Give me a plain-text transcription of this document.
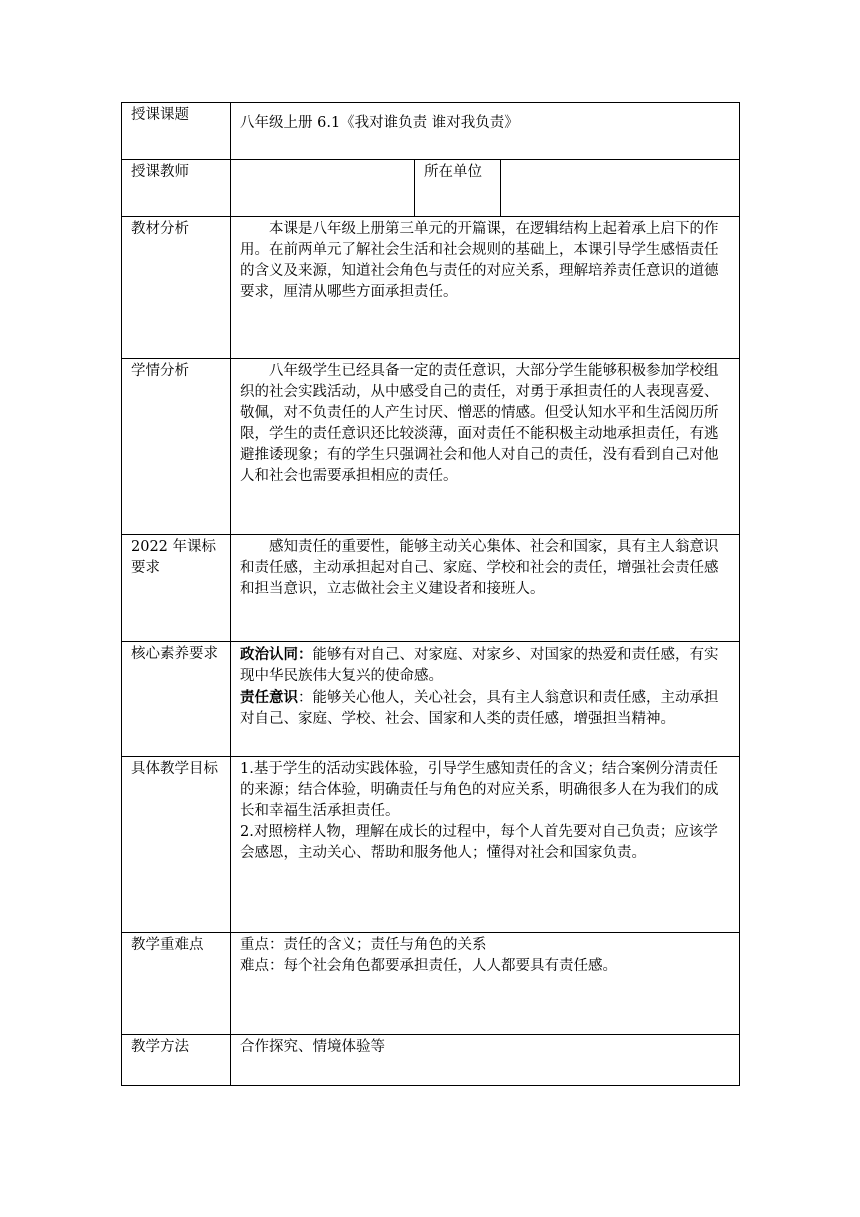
授课课题	八年级上册 6.1《我对谁负责 谁对我负责》		
授课教师		所在单位	
教材分析	本课是八年级上册第三单元的开篇课，在逻辑结构上起着承上启下的作用。在前两单元了解社会生活和社会规则的基础上，本课引导学生感悟责任的含义及来源，知道社会角色与责任的对应关系，理解培养责任意识的道德要求，厘清从哪些方面承担责任。		

学情分析	八年级学生已经具备一定的责任意识，大部分学生能够积极参加学校组织的社会实践活动，从中感受自己的责任，对勇于承担责任的人表现喜爱、敬佩，对不负责任的人产生讨厌、憎恶的情感。但受认知水平和生活阅历所限，学生的责任意识还比较淡薄，面对责任不能积极主动地承担责任，有逃避推诿现象；有的学生只强调社会和他人对自己的责任，没有看到自己对他人和社会也需要承担相应的责任。		

2022 年课标要求	感知责任的重要性，能够主动关心集体、社会和国家，具有主人翁意识和责任感，主动承担起对自己、家庭、学校和社会的责任，增强社会责任感和担当意识，立志做社会主义建设者和接班人。		

核心素养要求	政治认同：能够有对自己、对家庭、对家乡、对国家的热爱和责任感，有实现中华民族伟大复兴的使命感。

责任意识：能够关心他人，关心社会，具有主人翁意识和责任感，主动承担对自己、家庭、学校、社会、国家和人类的责任感，增强担当精神。		

具体教学目标	1.基于学生的活动实践体验，引导学生感知责任的含义；结合案例分清责任的来源；结合体验，明确责任与角色的对应关系，明确很多人在为我们的成长和幸福生活承担责任。

2.对照榜样人物，理解在成长的过程中，每个人首先要对自己负责；应该学会感恩，主动关心、帮助和服务他人；懂得对社会和国家负责。		

教学重难点	重点：责任的含义；责任与角色的关系

难点：每个社会角色都要承担责任，人人都要具有责任感。		

教学方法	合作探究、情境体验等		
